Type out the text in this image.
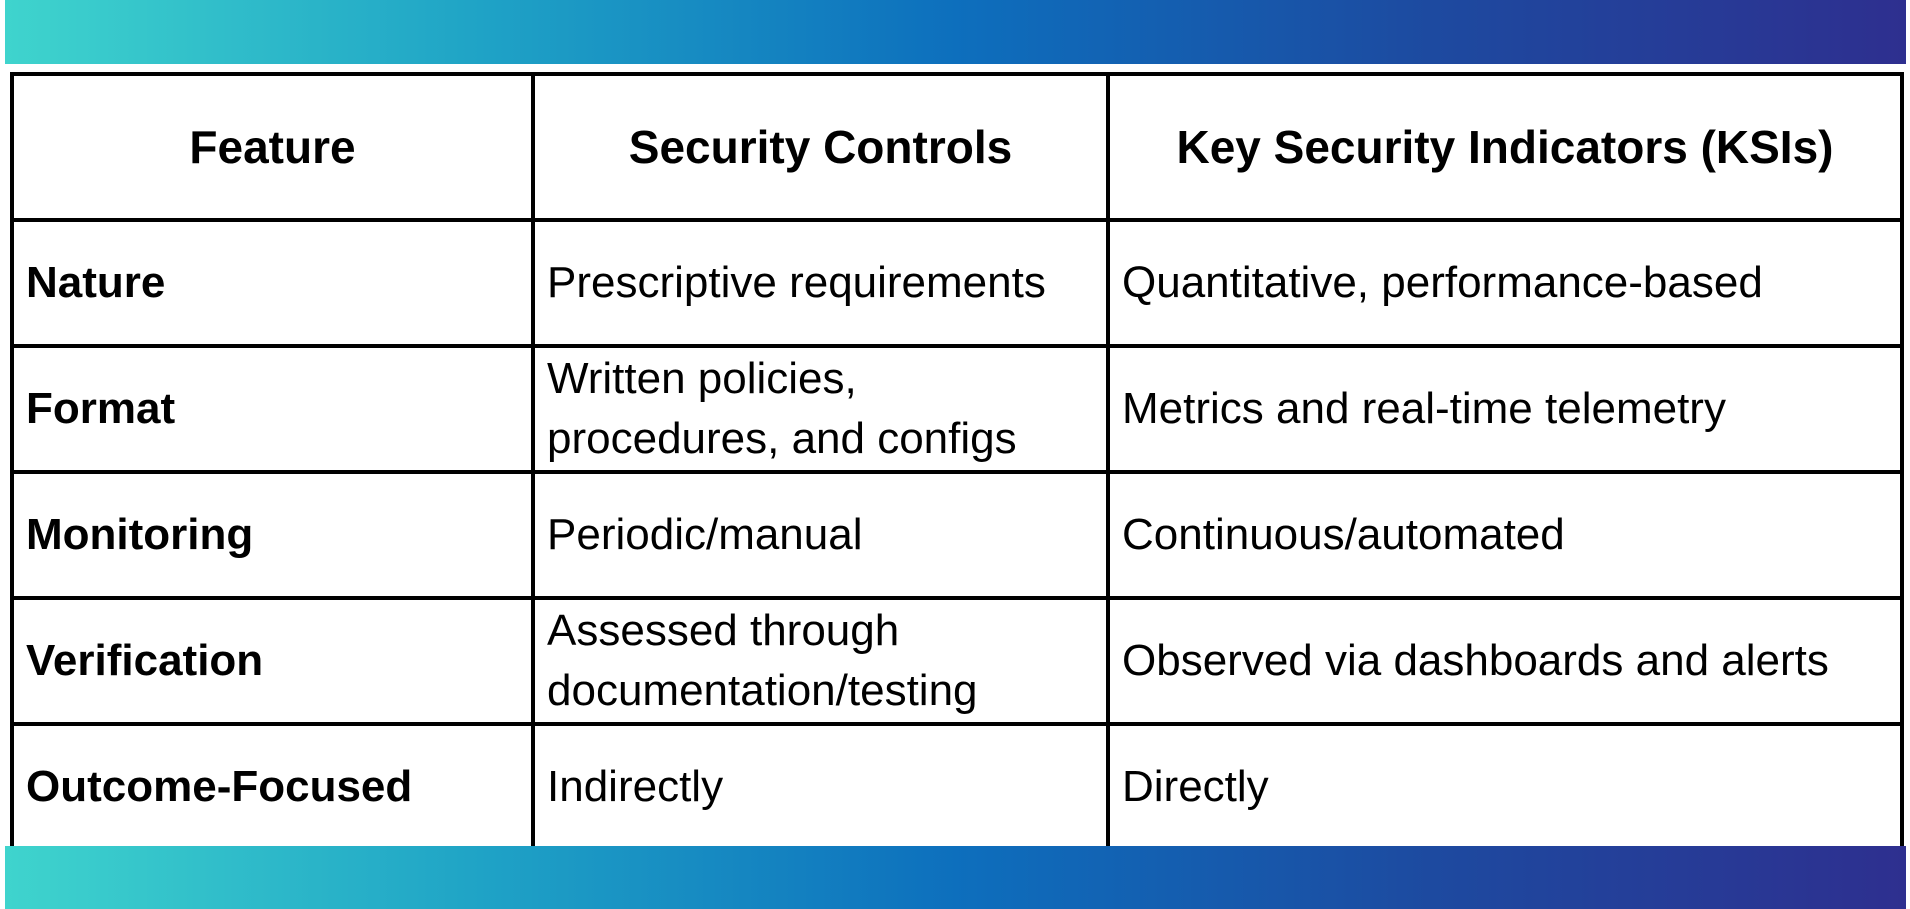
Feature	Security Controls	Key Security Indicators (KSIs)
Nature	Prescriptive requirements	Quantitative, performance-based
Format	Written policies, procedures, and configs	Metrics and real-time telemetry
Monitoring	Periodic/manual	Continuous/automated
Verification	Assessed through documentation/testing	Observed via dashboards and alerts
Outcome-Focused	Indirectly	Directly
